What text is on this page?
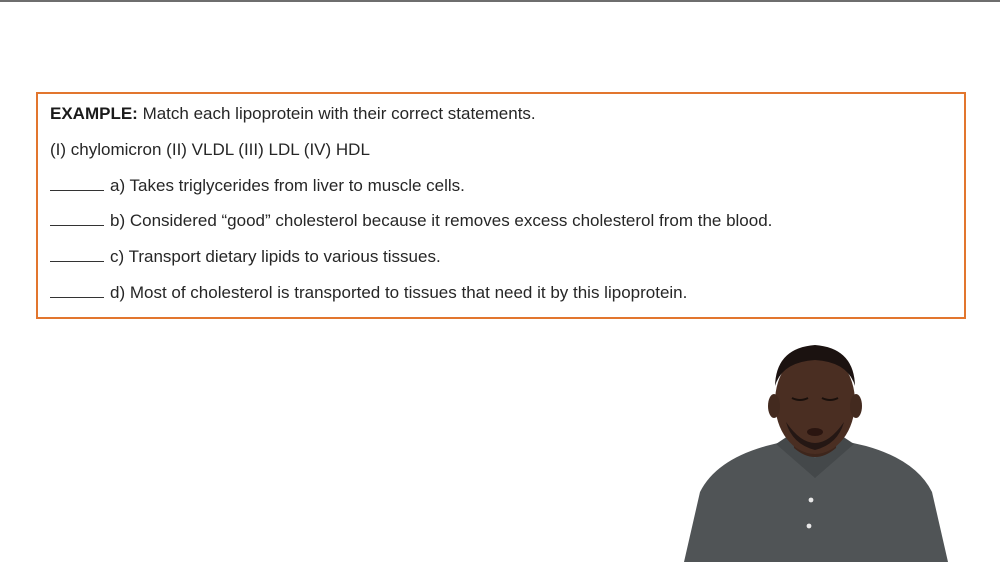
EXAMPLE: Match each lipoprotein with their correct statements.
(I) chylomicron (II) VLDL (III) LDL (IV) HDL
a) Takes triglycerides from liver to muscle cells.
b) Considered “good” cholesterol because it removes excess cholesterol from the blood.
c) Transport dietary lipids to various tissues.
d) Most of cholesterol is transported to tissues that need it by this lipoprotein.
